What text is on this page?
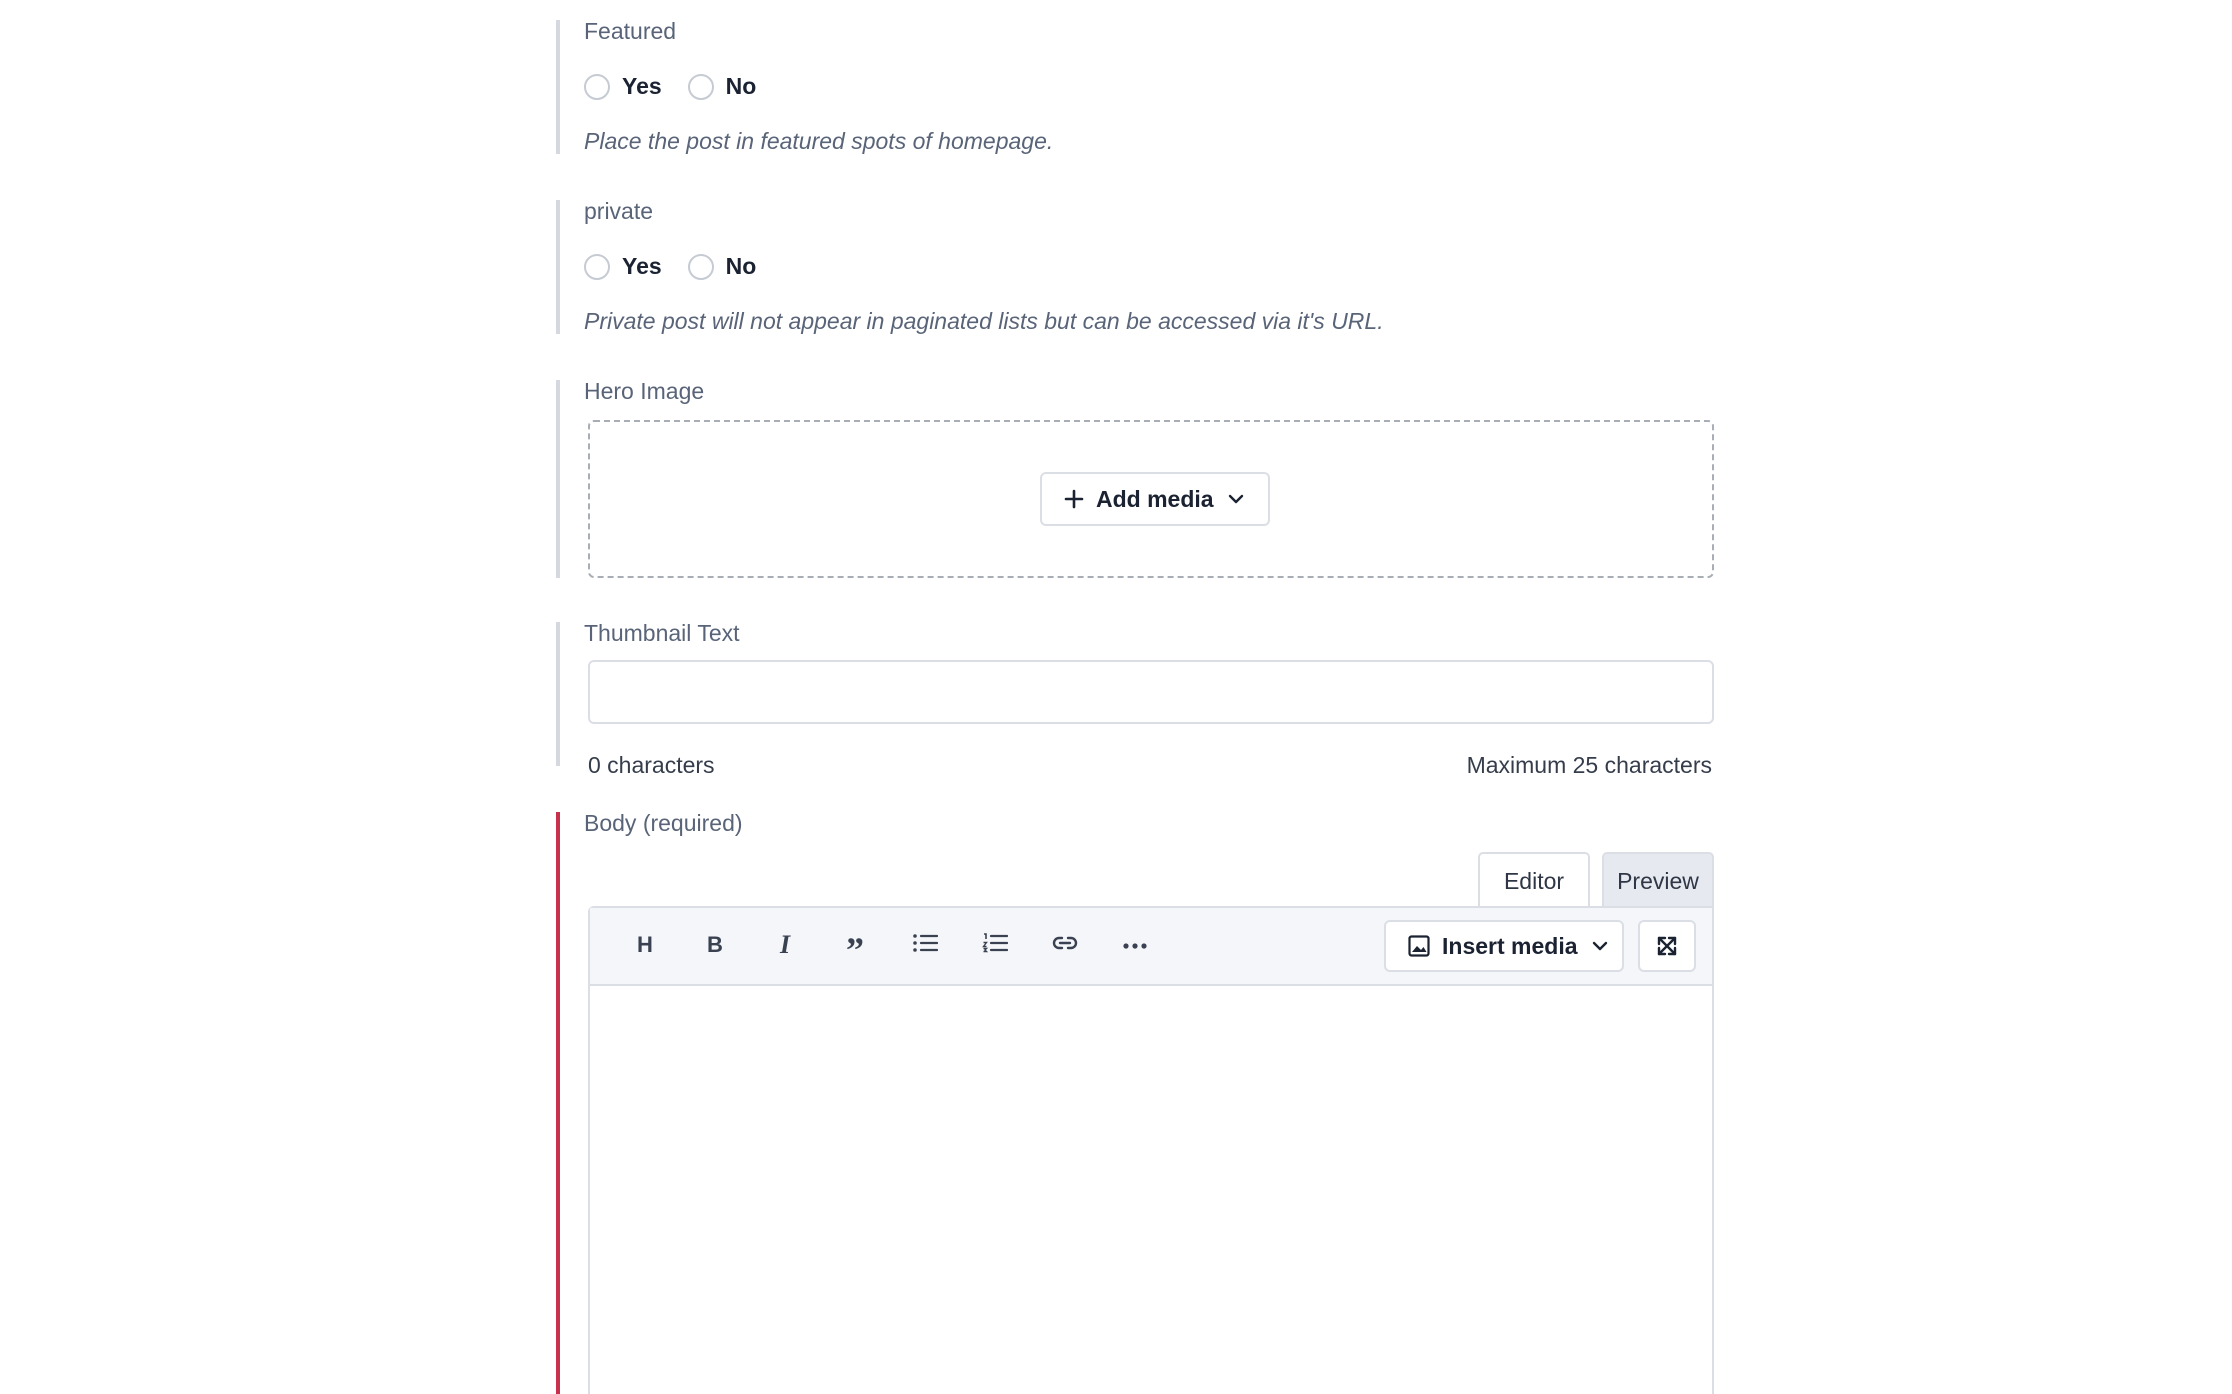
Featured
Yes	No
Place the post in featured spots of homepage.
private
Yes	No
Private post will not appear in paginated lists but can be accessed via it's URL.
Hero Image
Add media
Thumbnail Text
0 characters	Maximum 25 characters
Body (required)
Editor	Preview
H B I ”	Insert media
